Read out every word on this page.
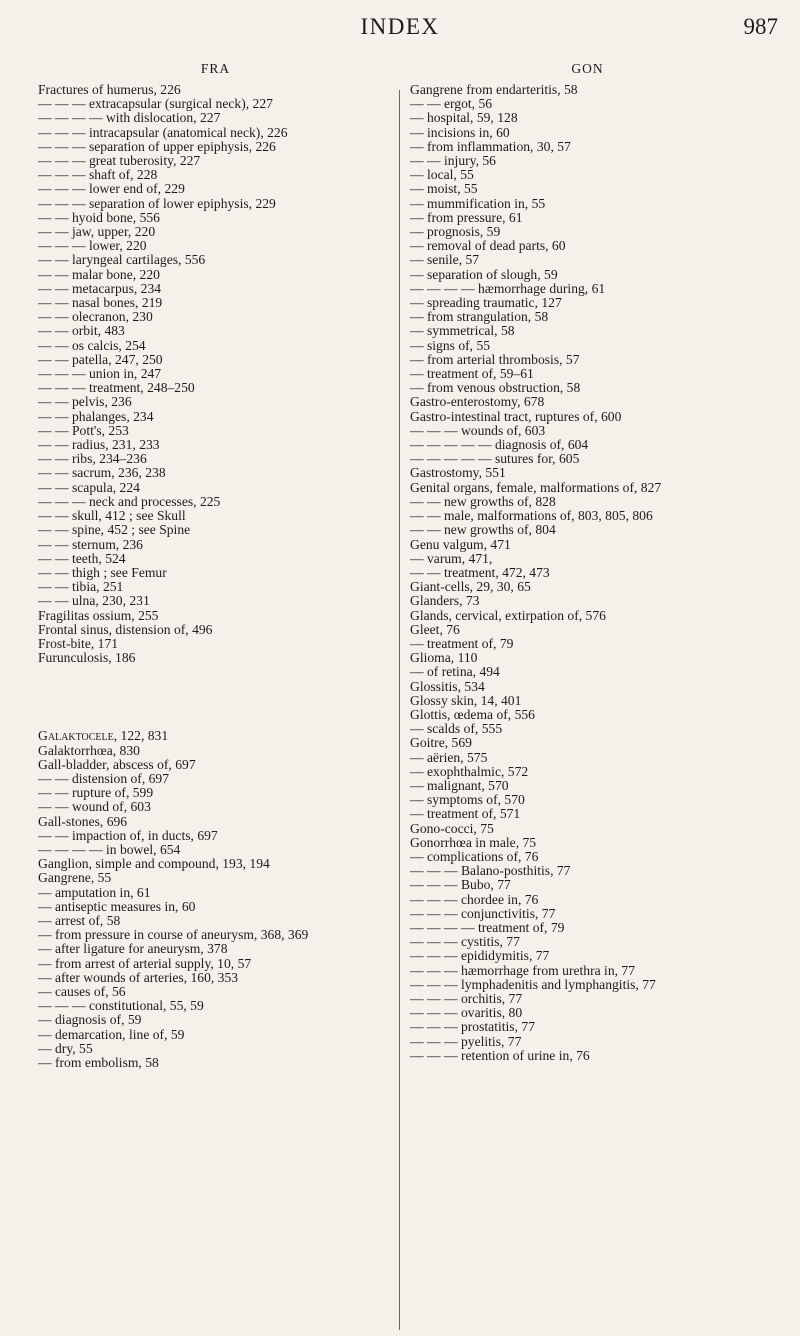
INDEX	987
FRA
Fractures of humerus, 226
— — — extracapsular (surgical neck), 227
— — — — with dislocation, 227
— — — intracapsular (anatomical neck), 226
— — — separation of upper epiphysis, 226
— — — great tuberosity, 227
— — — shaft of, 228
— — — lower end of, 229
— — — separation of lower epiphysis, 229
— — hyoid bone, 556
— — jaw, upper, 220
— — — lower, 220
— — laryngeal cartilages, 556
— — malar bone, 220
— — metacarpus, 234
— — nasal bones, 219
— — olecranon, 230
— — orbit, 483
— — os calcis, 254
— — patella, 247, 250
— — — union in, 247
— — — treatment, 248–250
— — pelvis, 236
— — phalanges, 234
— — Pott's, 253
— — radius, 231, 233
— — ribs, 234–236
— — sacrum, 236, 238
— — scapula, 224
— — — neck and processes, 225
— — skull, 412 ; see Skull
— — spine, 452 ; see Spine
— — sternum, 236
— — teeth, 524
— — thigh ; see Femur
— — tibia, 251
— — ulna, 230, 231
Fragilitas ossium, 255
Frontal sinus, distension of, 496
Frost-bite, 171
Furunculosis, 186
Galaktocele, 122, 831
Galaktorrhœa, 830
Gall-bladder, abscess of, 697
— — distension of, 697
— — rupture of, 599
— — wound of, 603
Gall-stones, 696
— — impaction of, in ducts, 697
— — — — in bowel, 654
Ganglion, simple and compound, 193, 194
Gangrene, 55
— amputation in, 61
— antiseptic measures in, 60
— arrest of, 58
— from pressure in course of aneurysm, 368, 369
— after ligature for aneurysm, 378
— from arrest of arterial supply, 10, 57
— after wounds of arteries, 160, 353
— causes of, 56
— — — constitutional, 55, 59
— diagnosis of, 59
— demarcation, line of, 59
— dry, 55
— from embolism, 58
GON
Gangrene from endarteritis, 58
— — ergot, 56
— hospital, 59, 128
— incisions in, 60
— from inflammation, 30, 57
— — injury, 56
— local, 55
— moist, 55
— mummification in, 55
— from pressure, 61
— prognosis, 59
— removal of dead parts, 60
— senile, 57
— separation of slough, 59
— — — — hæmorrhage during, 61
— spreading traumatic, 127
— from strangulation, 58
— symmetrical, 58
— signs of, 55
— from arterial thrombosis, 57
— treatment of, 59–61
— from venous obstruction, 58
Gastro-enterostomy, 678
Gastro-intestinal tract, ruptures of, 600
— — — wounds of, 603
— — — — — diagnosis of, 604
— — — — — sutures for, 605
Gastrostomy, 551
Genital organs, female, malformations of, 827
— — new growths of, 828
— — male, malformations of, 803, 805, 806
— — new growths of, 804
Genu valgum, 471
— varum, 471,
— — treatment, 472, 473
Giant-cells, 29, 30, 65
Glanders, 73
Glands, cervical, extirpation of, 576
Gleet, 76
— treatment of, 79
Glioma, 110
— of retina, 494
Glossitis, 534
Glossy skin, 14, 401
Glottis, œdema of, 556
— scalds of, 555
Goitre, 569
— aërien, 575
— exophthalmic, 572
— malignant, 570
— symptoms of, 570
— treatment of, 571
Gono-cocci, 75
Gonorrhœa in male, 75
— complications of, 76
— — — Balano-posthitis, 77
— — — Bubo, 77
— — — chordee in, 76
— — — conjunctivitis, 77
— — — — treatment of, 79
— — — cystitis, 77
— — — epididymitis, 77
— — — hæmorrhage from urethra in, 77
— — — lymphadenitis and lymphangitis, 77
— — — orchitis, 77
— — — ovaritis, 80
— — — prostatitis, 77
— — — pyelitis, 77
— — — retention of urine in, 76
